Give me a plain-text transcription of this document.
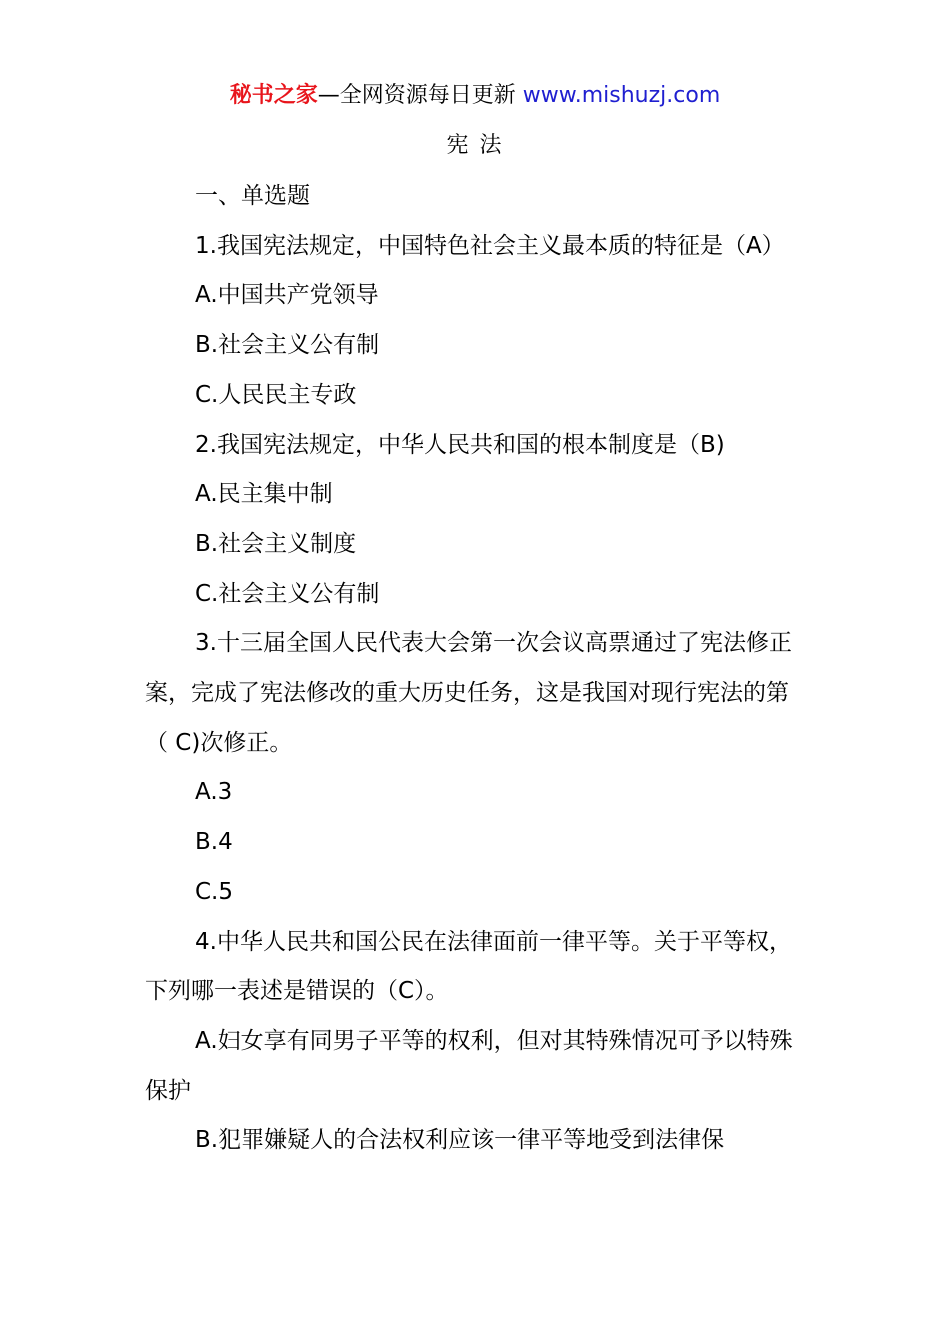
秘书之家—全网资源每日更新 www.mishuzj.com
宪 法

一、单选题

1.我国宪法规定，中国特色社会主义最本质的特征是（A）

A.中国共产党领导

B.社会主义公有制

C.人民民主专政

2.我国宪法规定，中华人民共和国的根本制度是（B)

A.民主集中制

B.社会主义制度

C.社会主义公有制

3.十三届全国人民代表大会第一次会议高票通过了宪法修正案，完成了宪法修改的重大历史任务，这是我国对现行宪法的第（ C)次修正。

A.3

B.4

C.5

4.中华人民共和国公民在法律面前一律平等。关于平等权，下列哪一表述是错误的（C）。

A.妇女享有同男子平等的权利，但对其特殊情况可予以特殊保护

B.犯罪嫌疑人的合法权利应该一律平等地受到法律保
